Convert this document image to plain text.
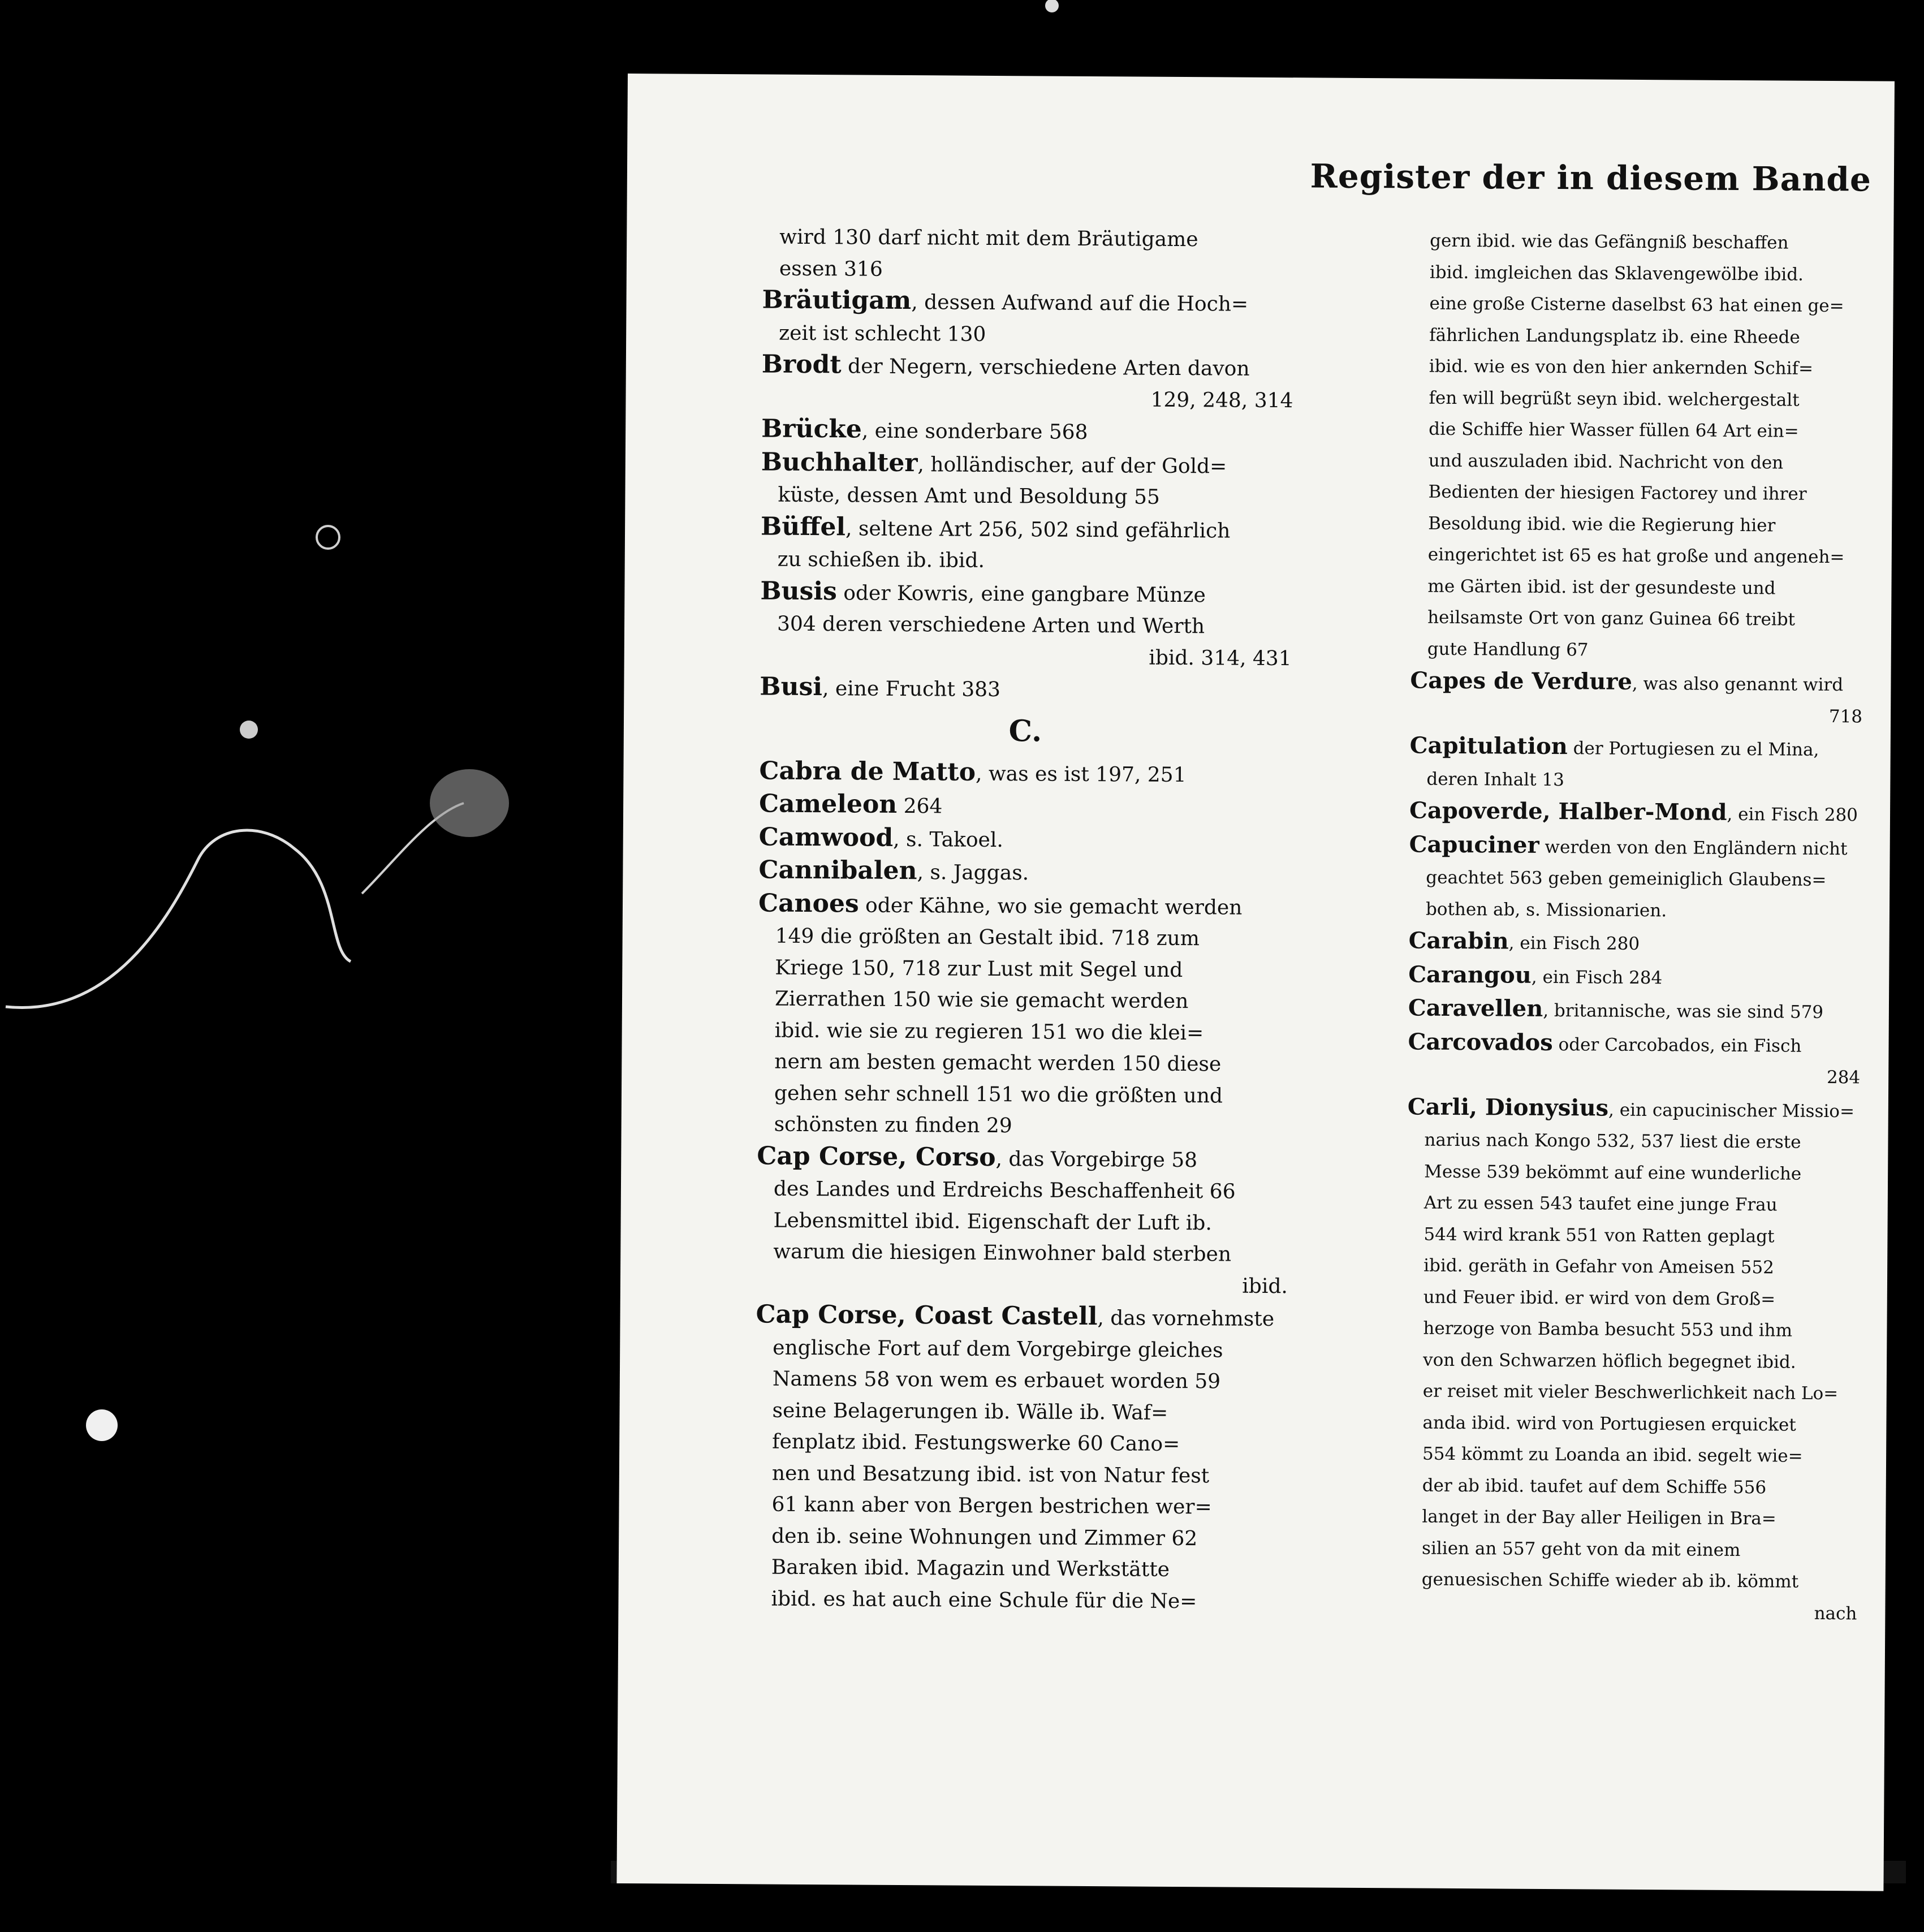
Register der in diesem Bande
wird 130 darf nicht mit dem Bräutigame
essen 316
Bräutigam, dessen Aufwand auf die Hoch=
zeit ist schlecht 130
Brodt der Negern, verschiedene Arten davon
129, 248, 314
Brücke, eine sonderbare 568
Buchhalter, holländischer, auf der Gold=
küste, dessen Amt und Besoldung 55
Büffel, seltene Art 256, 502 sind gefährlich
zu schießen ib. ibid.
Busis oder Kowris, eine gangbare Münze
304 deren verschiedene Arten und Werth
ibid. 314, 431
Busi, eine Frucht 383
C.
Cabra de Matto, was es ist 197, 251
Cameleon 264
Camwood, s. Takoel.
Cannibalen, s. Jaggas.
Canoes oder Kähne, wo sie gemacht werden
149 die größten an Gestalt ibid. 718 zum
Kriege 150, 718 zur Lust mit Segel und
Zierrathen 150 wie sie gemacht werden
ibid. wie sie zu regieren 151 wo die klei=
nern am besten gemacht werden 150 diese
gehen sehr schnell 151 wo die größten und
schönsten zu finden 29
Cap Corse, Corso, das Vorgebirge 58
des Landes und Erdreichs Beschaffenheit 66
Lebensmittel ibid. Eigenschaft der Luft ib.
warum die hiesigen Einwohner bald sterben
ibid.
Cap Corse, Coast Castell, das vornehmste
englische Fort auf dem Vorgebirge gleiches
Namens 58 von wem es erbauet worden 59
seine Belagerungen ib. Wälle ib. Waf=
fenplatz ibid. Festungswerke 60 Cano=
nen und Besatzung ibid. ist von Natur fest
61 kann aber von Bergen bestrichen wer=
den ib. seine Wohnungen und Zimmer 62
Baraken ibid. Magazin und Werkstätte
ibid. es hat auch eine Schule für die Ne=
gern ibid. wie das Gefängniß beschaffen
ibid. imgleichen das Sklavengewölbe ibid.
eine große Cisterne daselbst 63 hat einen ge=
fährlichen Landungsplatz ib. eine Rheede
ibid. wie es von den hier ankernden Schif=
fen will begrüßt seyn ibid. welchergestalt
die Schiffe hier Wasser füllen 64 Art ein=
und auszuladen ibid. Nachricht von den
Bedienten der hiesigen Factorey und ihrer
Besoldung ibid. wie die Regierung hier
eingerichtet ist 65 es hat große und angeneh=
me Gärten ibid. ist der gesundeste und
heilsamste Ort von ganz Guinea 66 treibt
gute Handlung 67
Capes de Verdure, was also genannt wird
718
Capitulation der Portugiesen zu el Mina,
deren Inhalt 13
Capoverde, Halber-Mond, ein Fisch 280
Capuciner werden von den Engländern nicht
geachtet 563 geben gemeiniglich Glaubens=
bothen ab, s. Missionarien.
Carabin, ein Fisch 280
Carangou, ein Fisch 284
Caravellen, britannische, was sie sind 579
Carcovados oder Carcobados, ein Fisch
284
Carli, Dionysius, ein capucinischer Missio=
narius nach Kongo 532, 537 liest die erste
Messe 539 bekömmt auf eine wunderliche
Art zu essen 543 taufet eine junge Frau
544 wird krank 551 von Ratten geplagt
ibid. geräth in Gefahr von Ameisen 552
und Feuer ibid. er wird von dem Groß=
herzoge von Bamba besucht 553 und ihm
von den Schwarzen höflich begegnet ibid.
er reiset mit vieler Beschwerlichkeit nach Lo=
anda ibid. wird von Portugiesen erquicket
554 kömmt zu Loanda an ibid. segelt wie=
der ab ibid. taufet auf dem Schiffe 556
langet in der Bay aller Heiligen in Bra=
silien an 557 geht von da mit einem
genuesischen Schiffe wieder ab ib. kömmt
nach
